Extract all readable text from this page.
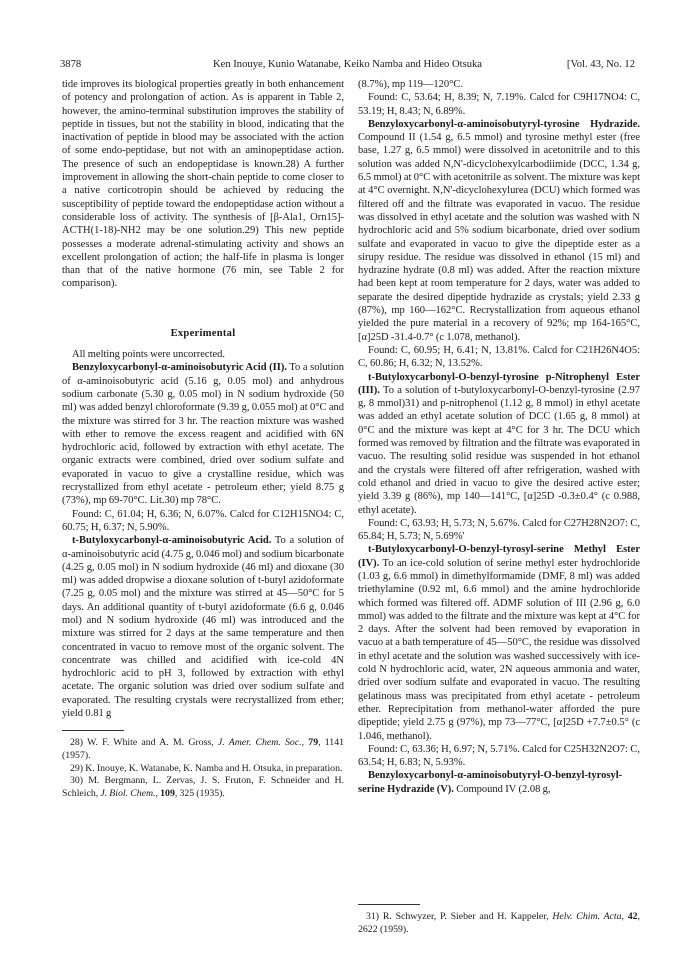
3878	Ken Inouye, Kunio Watanabe, Keiko Namba and Hideo Otsuka	[Vol. 43, No. 12

tide improves its biological properties greatly in both enhancement of potency and prolongation of action. As is apparent in Table 2, however, the amino-terminal substitution improves the stability of peptide in tissues, but not the stability in blood, indicating that the inactivation of peptide in blood may be associated with the action of some endo-peptidase, but not with an aminopeptidase action. The presence of such an endopeptidase is known.28) A further improvement in allowing the short-chain peptide to come closer to a native corticotropin should be achieved by reducing the susceptibility of peptide toward the endopeptidase action without a considerable loss of activity. The synthesis of [β-Ala1, Orn15]-ACTH(1-18)-NH2 may be one solution.29) This new peptide possesses a moderate adrenal-stimulating activity and shows an excellent prolongation of action; the half-life in plasma is longer than that of the native hormone (76 min, see Table 2 for comparison).

Experimental

All melting points were uncorrected.

Benzyloxycarbonyl-α-aminoisobutyric Acid (II). To a solution of α-aminoisobutyric acid (5.16 g, 0.05 mol) and anhydrous sodium carbonate (5.30 g, 0.05 mol) in N sodium hydroxide (50 ml) was added benzyl chloroformate (9.39 g, 0.055 mol) at 0°C and the mixture was stirred for 3 hr. The reaction mixture was washed with ether to remove the excess reagent and acidified with 6N hydrochloric acid, followed by extraction with ethyl acetate. The organic extracts were combined, dried over sodium sulfate and evaporated in vacuo to give a crystalline residue, which was recrystallized from ethyl acetate - petroleum ether; yield 8.75 g (73%), mp 69-70°C. Lit.30) mp 78°C.

Found: C, 61.04; H, 6.36; N, 6.07%. Calcd for C12H15NO4: C, 60.75; H, 6.37; N, 5.90%.

t-Butyloxycarbonyl-α-aminoisobutyric Acid. To a solution of α-aminoisobutyric acid (4.75 g, 0.046 mol) and sodium bicarbonate (4.25 g, 0.05 mol) in N sodium hydroxide (46 ml) and dioxane (30 ml) was added dropwise a dioxane solution of t-butyl azidoformate (7.25 g, 0.05 mol) and the mixture was stirred at 45—50°C for 5 days. An additional quantity of t-butyl azidoformate (6.6 g, 0.046 mol) and N sodium hydroxide (46 ml) was introduced and the mixture was stirred for 2 days at the same temperature and then concentrated in vacuo to remove most of the organic solvent. The concentrate was chilled and acidified with ice-cold 4N hydrochloric acid to pH 3, followed by extraction with ethyl acetate. The organic solution was dried over sodium sulfate and evaporated. The resulting crystals were recrystallized from ether; yield 0.81 g

28) W. F. White and A. M. Gross, J. Amer. Chem. Soc., 79, 1141 (1957).

29) K. Inouye, K. Watanabe, K. Namba and H. Otsuka, in preparation.

30) M. Bergmann, L. Zervas, J. S. Fruton, F. Schneider and H. Schleich, J. Biol. Chem., 109, 325 (1935).

(8.7%), mp 119—120°C.

Found: C, 53.64; H, 8.39; N, 7.19%. Calcd for C9H17NO4: C, 53.19; H, 8.43; N, 6.89%.

Benzyloxycarbonyl-α-aminoisobutyryl-tyrosine Hydrazide. Compound II (1.54 g, 6.5 mmol) and tyrosine methyl ester (free base, 1.27 g, 6.5 mmol) were dissolved in acetonitrile and to this solution was added N,N'-dicyclohexylcarbodiimide (DCC, 1.34 g, 6.5 mmol) at 0°C with acetonitrile as solvent. The mixture was kept at 4°C overnight. N,N'-dicyclohexylurea (DCU) which formed was filtered off and the filtrate was evaporated in vacuo. The residue was dissolved in ethyl acetate and the solution was washed with N hydrochloric acid and 5% sodium bicarbonate, dried over sodium sulfate and evaporated in vacuo to give the dipeptide ester as a sirupy residue. The residue was dissolved in ethanol (15 ml) and hydrazine hydrate (0.8 ml) was added. After the reaction mixture had been kept at room temperature for 2 days, water was added to separate the desired dipeptide hydrazide as crystals; yield 2.33 g (87%), mp 160—162°C. Recrystallization from aqueous ethanol yielded the pure material in a recovery of 92%; mp 164-165°C, [α]25D -31.4-0.7° (c 1.078, methanol).

Found: C, 60.95; H, 6.41; N, 13.81%. Calcd for C21H26N4O5: C, 60.86; H, 6.32; N, 13.52%.

t-Butyloxycarbonyl-O-benzyl-tyrosine p-Nitrophenyl Ester (III). To a solution of t-butyloxycarbonyl-O-benzyl-tyrosine (2.97 g, 8 mmol)31) and p-nitrophenol (1.12 g, 8 mmol) in ethyl acetate was added an ethyl acetate solution of DCC (1.65 g, 8 mmol) at 0°C and the mixture was kept at 4°C for 3 hr. The DCU which formed was removed by filtration and the filtrate was evaporated in vacuo. The resulting solid residue was suspended in hot ethanol and the crystals were filtered off after refrigeration, washed with cold ethanol and dried in vacuo to give the desired active ester; yield 3.39 g (86%), mp 140—141°C, [α]25D -0.3±0.4° (c 0.988, ethyl acetate).

Found: C, 63.93; H, 5.73; N, 5.67%. Calcd for C27H28N2O7: C, 65.84; H, 5.73; N, 5.69%'

t-Butyloxycarbonyl-O-benzyl-tyrosyl-serine Methyl Ester (IV). To an ice-cold solution of serine methyl ester hydrochloride (1.03 g, 6.6 mmol) in dimethylformamide (DMF, 8 ml) was added triethylamine (0.92 ml, 6.6 mmol) and the amine hydrochloride which formed was filtered off. ADMF solution of III (2.96 g, 6.0 mmol) was added to the filtrate and the mixture was kept at 4°C for 2 days. After the solvent had been removed by evaporation in vacuo at a bath temperature of 45—50°C, the residue was dissolved in ethyl acetate and the solution was washed successively with ice-cold N hydrochloric acid, water, 2N aqueous ammonia and water, dried over sodium sulfate and evaporated in vacuo. The resulting gelatinous mass was precipitated from ethyl acetate - petroleum ether. Reprecipitation from methanol-water afforded the pure dipeptide; yield 2.75 g (97%), mp 73—77°C, [α]25D +7.7±0.5° (c 1.046, methanol).

Found: C, 63.36; H, 6.97; N, 5.71%. Calcd for C25H32N2O7: C, 63.54; H, 6.83; N, 5.93%.

Benzyloxycarbonyl-α-aminoisobutyryl-O-benzyl-tyrosyl-serine Hydrazide (V). Compound IV (2.08 g,

31) R. Schwyzer, P. Sieber and H. Kappeler, Helv. Chim. Acta, 42, 2622 (1959).
